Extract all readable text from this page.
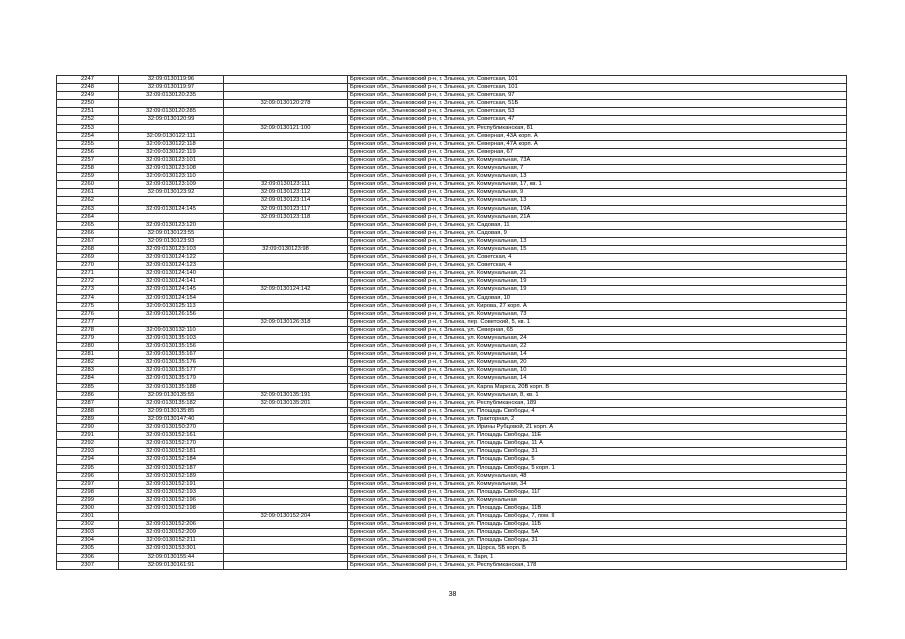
2247	32:09:0130119:96		Брянская обл., Злынковский р-н, г. Злынка, ул. Советская, 101
2248	32:09:0130119:97		Брянская обл., Злынковский р-н, г. Злынка, ул. Советская, 101
2249	32:09:0130120:235		Брянская обл., Злынковский р-н, г. Злынка, ул. Советская, 97
2250		32:09:0130120:278	Брянская обл., Злынковский р-н, г. Злынка, ул. Советская, 51Б
2251	32:09:0130120:285		Брянская обл., Злынковский р-н, г. Злынка, ул. Советская, 53
2252	32:09:0130120:99		Брянская обл., Злынковский р-н, г. Злынка, ул. Советская, 47
2253		32:09:0130121:100	Брянская обл., Злынковский р-н, г. Злынка, ул. Республиканская, 81
2254	32:09:0130122:111		Брянская обл., Злынковский р-н, г. Злынка, ул. Северная, 43А корп. А
2255	32:09:0130122:118		Брянская обл., Злынковский р-н, г. Злынка, ул. Северная, 47А корп. А
2256	32:09:0130122:119		Брянская обл., Злынковский р-н, г. Злынка, ул. Северная, 67
2257	32:09:0130123:101		Брянская обл., Злынковский р-н, г. Злынка, ул. Коммунальная, 73А
2258	32:09:0130123:108		Брянская обл., Злынковский р-н, г. Злынка, ул. Коммунальная, 7
2259	32:09:0130123:110		Брянская обл., Злынковский р-н, г. Злынка, ул. Коммунальная, 13
2260	32:09:0130123:109	32:09:0130123:111	Брянская обл., Злынковский р-н, г. Злынка, ул. Коммунальная, 17, кв. 1
2261	32:09:0130123:92	32:09:0130123:112	Брянская обл., Злынковский р-н, г. Злынка, ул. Коммунальная, 9
2262		32:09:0130123:114	Брянская обл., Злынковский р-н, г. Злынка, ул. Коммунальная, 13
2263	32:09:0130124:145	32:09:0130123:117	Брянская обл., Злынковский р-н, г. Злынка, ул. Коммунальная, 19А
2264		32:09:0130123:118	Брянская обл., Злынковский р-н, г. Злынка, ул. Коммунальная, 21А
2265	32:09:0130123:120		Брянская обл., Злынковский р-н, г. Злынка, ул. Садовая, 11
2266	32:09:0130123:55		Брянская обл., Злынковский р-н, г. Злынка, ул. Садовая, 9
2267	32:09:0130123:93		Брянская обл., Злынковский р-н, г. Злынка, ул. Коммунальная, 13
2268	32:09:0130123:103	32:09:0130123:98	Брянская обл., Злынковский р-н, г. Злынка, ул. Коммунальная, 15
2269	32:09:0130124:122		Брянская обл., Злынковский р-н, г. Злынка, ул. Советская, 4
2270	32:09:0130124:123		Брянская обл., Злынковский р-н, г. Злынка, ул. Советская, 4
2271	32:09:0130124:140		Брянская обл., Злынковский р-н, г. Злынка, ул. Коммунальная, 21
2272	32:09:0130124:141		Брянская обл., Злынковский р-н, г. Злынка, ул. Коммунальная, 19
2273	32:09:0130124:145	32:09:0130124:142	Брянская обл., Злынковский р-н, г. Злынка, ул. Коммунальная, 19
2274	32:09:0130124:154		Брянская обл., Злынковский р-н, г. Злынка, ул. Садовая, 10
2275	32:09:0130125:113		Брянская обл., Злынковский р-н, г. Злынка, ул. Кирова, 27 корп. А
2276	32:09:0130126:156		Брянская обл., Злынковский р-н, г. Злынка, ул. Коммунальная, 73
2277		32:09:0130126:318	Брянская обл., Злынковский р-н, г. Злынка, пер. Советский, 5, кв. 1
2278	32:09:0130132:110		Брянская обл., Злынковский р-н, г. Злынка, ул. Северная, 65
2279	32:09:0130135:103		Брянская обл., Злынковский р-н, г. Злынка, ул. Коммунальная, 24
2280	32:09:0130135:156		Брянская обл., Злынковский р-н, г. Злынка, ул. Коммунальная, 22
2281	32:09:0130135:167		Брянская обл., Злынковский р-н, г. Злынка, ул. Коммунальная, 14
2282	32:09:0130135:176		Брянская обл., Злынковский р-н, г. Злынка, ул. Коммунальная, 20
2283	32:09:0130135:177		Брянская обл., Злынковский р-н, г. Злынка, ул. Коммунальная, 10
2284	32:09:0130135:179		Брянская обл., Злынковский р-н, г. Злынка, ул. Коммунальная, 14
2285	32:09:0130135:188		Брянская обл., Злынковский р-н, г. Злынка, ул. Карла Маркса, 20В корп. В
2286	32:09:0130135:55	32:09:0130135:191	Брянская обл., Злынковский р-н, г. Злынка, ул. Коммунальная, 8, кв. 1
2287	32:09:0130135:182	32:09:0130135:201	Брянская обл., Злынковский р-н, г. Злынка, ул. Республиканская, 189
2288	32:09:0130135:85		Брянская обл., Злынковский р-н, г. Злынка, ул. Площадь Свободы, 4
2289	32:09:0130147:40		Брянская обл., Злынковский р-н, г. Злынка, ул. Тракторная, 2
2290	32:09:0130150:270		Брянская обл., Злынковский р-н, г. Злынка, ул. Ирины Рубцовой, 21 корп. А
2291	32:09:0130152:161		Брянская обл., Злынковский р-н, г. Злынка, ул. Площадь Свободы, 11Е
2292	32:09:0130152:170		Брянская обл., Злынковский р-н, г. Злынка, ул. Площадь Свободы, 11 А
2293	32:09:0130152:181		Брянская обл., Злынковский р-н, г. Злынка, ул. Площадь Свободы, 31
2294	32:09:0130152:184		Брянская обл., Злынковский р-н, г. Злынка, ул. Площадь Свободы, 5
2295	32:09:0130152:187		Брянская обл., Злынковский р-н, г. Злынка, ул. Площадь Свободы, 5 корп. 1
2296	32:09:0130152:189		Брянская обл., Злынковский р-н, г. Злынка, ул. Коммунальная, 48
2297	32:09:0130152:191		Брянская обл., Злынковский р-н, г. Злынка, ул. Коммунальная, 34
2298	32:09:0130152:193		Брянская обл., Злынковский р-н, г. Злынка, ул. Площадь Свободы, 11Г
2299	32:09:0130152:196		Брянская обл., Злынковский р-н, г. Злынка, ул. Коммунальная
2300	32:09:0130152:198		Брянская обл., Злынковский р-н, г. Злынка, ул. Площадь Свободы, 11В
2301		32:09:0130152:204	Брянская обл., Злынковский р-н, г. Злынка, ул. Площадь Свободы, 7, пом. II
2302	32:09:0130152:206		Брянская обл., Злынковский р-н, г. Злынка, ул. Площадь Свободы, 11Б
2303	32:09:0130152:209		Брянская обл., Злынковский р-н, г. Злынка, ул. Площадь Свободы, 5А
2304	32:09:0130152:211		Брянская обл., Злынковский р-н, г. Злынка, ул. Площадь Свободы, 31
2305	32:09:0130153:301		Брянская обл., Злынковский р-н, г. Злынка, ул. Щорса, 5Б корп. Б
2306	32:09:0130155:44		Брянская обл., Злынковский р-н, г. Злынка, п. Заря, 1
2307	32:09:0130161:91		Брянская обл., Злынковский р-н, г. Злынка, ул. Республиканская, 178
38
